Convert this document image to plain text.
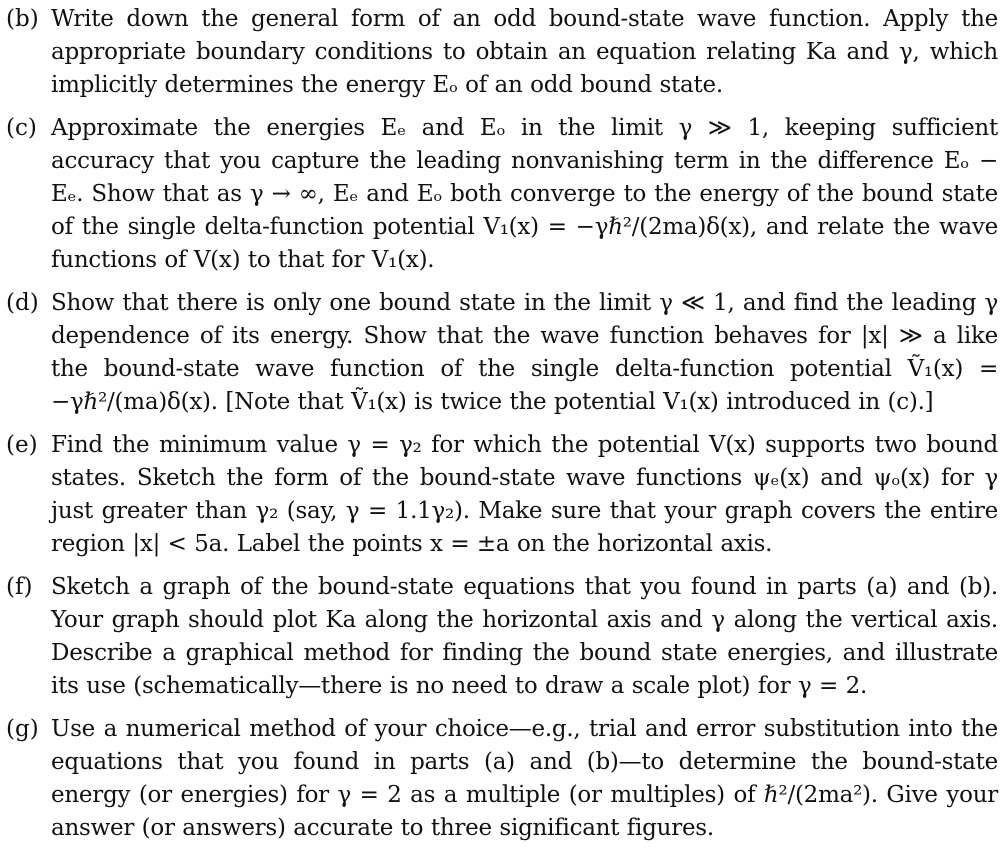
(b) Write down the general form of an odd bound-state wave function. Apply the appropriate boundary conditions to obtain an equation relating Ka and γ, which implicitly determines the energy Eₒ of an odd bound state.
(c) Approximate the energies Eₑ and Eₒ in the limit γ ≫ 1, keeping sufficient accuracy that you capture the leading nonvanishing term in the difference Eₒ − Eₑ. Show that as γ → ∞, Eₑ and Eₒ both converge to the energy of the bound state of the single delta-function potential V₁(x) = −γℏ²/(2ma)δ(x), and relate the wave functions of V(x) to that for V₁(x).
(d) Show that there is only one bound state in the limit γ ≪ 1, and find the leading γ dependence of its energy. Show that the wave function behaves for |x| ≫ a like the bound-state wave function of the single delta-function potential Ṽ₁(x) = −γℏ²/(ma)δ(x). [Note that Ṽ₁(x) is twice the potential V₁(x) introduced in (c).]
(e) Find the minimum value γ = γ₂ for which the potential V(x) supports two bound states. Sketch the form of the bound-state wave functions ψₑ(x) and ψₒ(x) for γ just greater than γ₂ (say, γ = 1.1γ₂). Make sure that your graph covers the entire region |x| < 5a. Label the points x = ±a on the horizontal axis.
(f) Sketch a graph of the bound-state equations that you found in parts (a) and (b). Your graph should plot Ka along the horizontal axis and γ along the vertical axis. Describe a graphical method for finding the bound state energies, and illustrate its use (schematically—there is no need to draw a scale plot) for γ = 2.
(g) Use a numerical method of your choice—e.g., trial and error substitution into the equations that you found in parts (a) and (b)—to determine the bound-state energy (or energies) for γ = 2 as a multiple (or multiples) of ℏ²/(2ma²). Give your answer (or answers) accurate to three significant figures.
